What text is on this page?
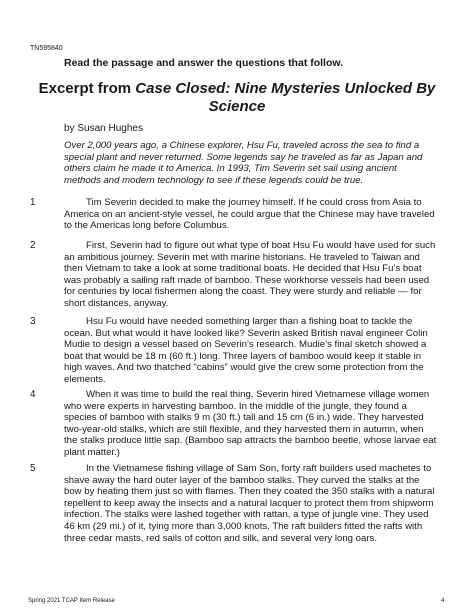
TN595840
Read the passage and answer the questions that follow.
Excerpt from Case Closed: Nine Mysteries Unlocked By Science
by Susan Hughes
Over 2,000 years ago, a Chinese explorer, Hsu Fu, traveled across the sea to find a special plant and never returned. Some legends say he traveled as far as Japan and others claim he made it to America. In 1993, Tim Severin set sail using ancient methods and modern technology to see if these legends could be true.
1	Tim Severin decided to make the journey himself. If he could cross from Asia to America on an ancient-style vessel, he could argue that the Chinese may have traveled to the Americas long before Columbus.
2	First, Severin had to figure out what type of boat Hsu Fu would have used for such an ambitious journey. Severin met with marine historians. He traveled to Taiwan and then Vietnam to take a look at some traditional boats. He decided that Hsu Fu’s boat was probably a sailing raft made of bamboo. These workhorse vessels had been used for centuries by local fishermen along the coast. They were sturdy and reliable — for short distances, anyway.
3	Hsu Fu would have needed something larger than a fishing boat to tackle the ocean. But what would it have looked like? Severin asked British naval engineer Colin Mudie to design a vessel based on Severin’s research. Mudie’s final sketch showed a boat that would be 18 m (60 ft.) long. Three layers of bamboo would keep it stable in high waves. And two thatched “cabins” would give the crew some protection from the elements.
4	When it was time to build the real thing, Severin hired Vietnamese village women who were experts in harvesting bamboo. In the middle of the jungle, they found a species of bamboo with stalks 9 m (30 ft.) tall and 15 cm (6 in.) wide. They harvested two-year-old stalks, which are still flexible, and they harvested them in autumn, when the stalks produce little sap. (Bamboo sap attracts the bamboo beetle, whose larvae eat plant matter.)
5	In the Vietnamese fishing village of Sam Son, forty raft builders used machetes to shave away the hard outer layer of the bamboo stalks. They curved the stalks at the bow by heating them just so with flames. Then they coated the 350 stalks with a natural repellent to keep away the insects and a natural lacquer to protect them from shipworm infection. The stalks were lashed together with rattan, a type of jungle vine. They used 46 km (29 mi.) of it, tying more than 3,000 knots. The raft builders fitted the rafts with three cedar masts, red sails of cotton and silk, and several very long oars.
Spring 2021 TCAP Item Release	4
